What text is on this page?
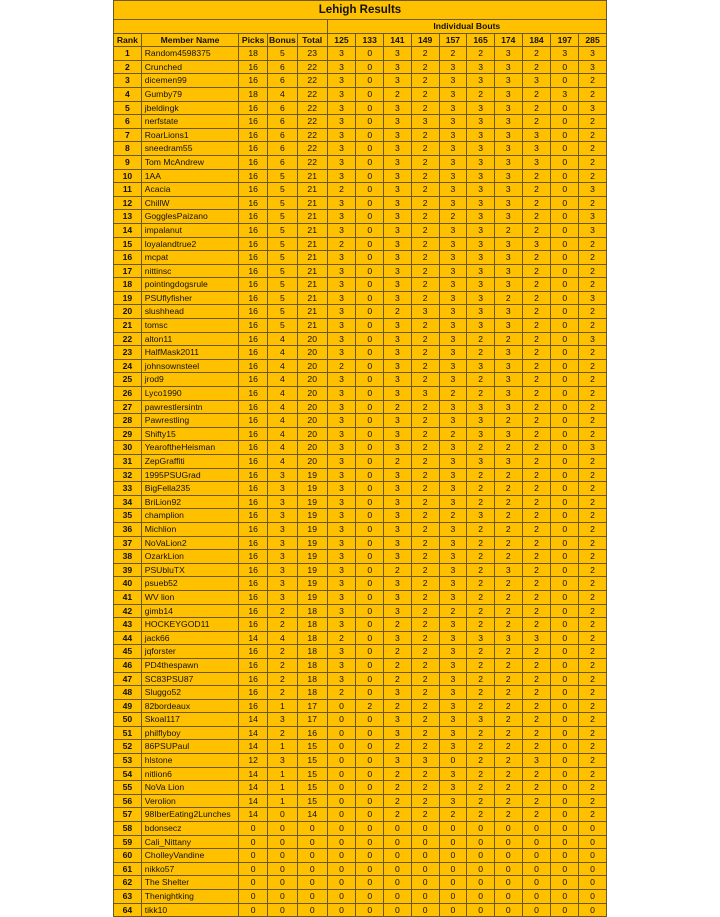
Lehigh Results														
					Individual Bouts									
Rank	Member Name	Picks	Bonus	Total	125	133	141	149	157	165	174	184	197	285
1	Random4598375	18	5	23	3	0	3	2	2	2	3	2	3	3
2	Crunched	16	6	22	3	0	3	2	3	3	3	2	0	3
3	dicemen99	16	6	22	3	0	3	2	3	3	3	3	0	2
4	Gumby79	18	4	22	3	0	2	2	3	2	3	2	3	2
5	jbeldingk	16	6	22	3	0	3	2	3	3	3	2	0	3
6	nerfstate	16	6	22	3	0	3	3	3	3	3	2	0	2
7	RoarLions1	16	6	22	3	0	3	2	3	3	3	3	0	2
8	sneedram55	16	6	22	3	0	3	2	3	3	3	3	0	2
9	Tom McAndrew	16	6	22	3	0	3	2	3	3	3	3	0	2
10	1AA	16	5	21	3	0	3	2	3	3	3	2	0	2
11	Acacia	16	5	21	2	0	3	2	3	3	3	2	0	3
12	ChillW	16	5	21	3	0	3	2	3	3	3	2	0	2
13	GogglesPaizano	16	5	21	3	0	3	2	2	3	3	2	0	3
14	impalanut	16	5	21	3	0	3	2	3	3	2	2	0	3
15	loyalandtrue2	16	5	21	2	0	3	2	3	3	3	3	0	2
16	mcpat	16	5	21	3	0	3	2	3	3	3	2	0	2
17	nittinsc	16	5	21	3	0	3	2	3	3	3	2	0	2
18	pointingdogsrule	16	5	21	3	0	3	2	3	3	3	2	0	2
19	PSUflyfisher	16	5	21	3	0	3	2	3	3	2	2	0	3
20	slushhead	16	5	21	3	0	2	3	3	3	3	2	0	2
21	tomsc	16	5	21	3	0	3	2	3	3	3	2	0	2
22	alton11	16	4	20	3	0	3	2	3	2	2	2	0	3
23	HalfMask2011	16	4	20	3	0	3	2	3	2	3	2	0	2
24	johnsownsteel	16	4	20	2	0	3	2	3	3	3	2	0	2
25	jrod9	16	4	20	3	0	3	2	3	2	3	2	0	2
26	Lyco1990	16	4	20	3	0	3	3	2	2	3	2	0	2
27	pawrestlersintn	16	4	20	3	0	2	2	3	3	3	2	0	2
28	Pawrestling	16	4	20	3	0	3	2	3	3	2	2	0	2
29	Shifty15	16	4	20	3	0	3	2	2	3	3	2	0	2
30	YearoftheHeisman	16	4	20	3	0	3	2	3	2	2	2	0	3
31	ZepGraffiti	16	4	20	3	0	2	2	3	3	3	2	0	2
32	1995PSUGrad	16	3	19	3	0	3	2	3	2	2	2	0	2
33	BigFella235	16	3	19	3	0	3	2	3	2	2	2	0	2
34	BriLion92	16	3	19	3	0	3	2	3	2	2	2	0	2
35	champlion	16	3	19	3	0	3	2	2	3	2	2	0	2
36	Michlion	16	3	19	3	0	3	2	3	2	2	2	0	2
37	NoVaLion2	16	3	19	3	0	3	2	3	2	2	2	0	2
38	OzarkLion	16	3	19	3	0	3	2	3	2	2	2	0	2
39	PSUbluTX	16	3	19	3	0	2	2	3	2	3	2	0	2
40	psueb52	16	3	19	3	0	3	2	3	2	2	2	0	2
41	WV lion	16	3	19	3	0	3	2	3	2	2	2	0	2
42	gimb14	16	2	18	3	0	3	2	2	2	2	2	0	2
43	HOCKEYGOD11	16	2	18	3	0	2	2	3	2	2	2	0	2
44	jack66	14	4	18	2	0	3	2	3	3	3	3	0	2
45	jqforster	16	2	18	3	0	2	2	3	2	2	2	0	2
46	PD4thespawn	16	2	18	3	0	2	2	3	2	2	2	0	2
47	SC83PSU87	16	2	18	3	0	2	2	3	2	2	2	0	2
48	Sluggo52	16	2	18	2	0	3	2	3	2	2	2	0	2
49	82bordeaux	16	1	17	0	2	2	2	3	2	2	2	0	2
50	Skoal117	14	3	17	0	0	3	2	3	3	2	2	0	2
51	philflyboy	14	2	16	0	0	3	2	3	2	2	2	0	2
52	86PSUPaul	14	1	15	0	0	2	2	3	2	2	2	0	2
53	hlstone	12	3	15	0	0	3	3	0	2	2	3	0	2
54	nitlion6	14	1	15	0	0	2	2	3	2	2	2	0	2
55	NoVa Lion	14	1	15	0	0	2	2	3	2	2	2	0	2
56	Verolion	14	1	15	0	0	2	2	3	2	2	2	0	2
57	98IberEating2Lunches	14	0	14	0	0	2	2	2	2	2	2	0	2
58	bdonsecz	0	0	0	0	0	0	0	0	0	0	0	0	0
59	Cali_Nittany	0	0	0	0	0	0	0	0	0	0	0	0	0
60	CholleyVandine	0	0	0	0	0	0	0	0	0	0	0	0	0
61	nikko57	0	0	0	0	0	0	0	0	0	0	0	0	0
62	The Shelter	0	0	0	0	0	0	0	0	0	0	0	0	0
63	Thenightking	0	0	0	0	0	0	0	0	0	0	0	0	0
64	tikk10	0	0	0	0	0	0	0	0	0	0	0	0	0
